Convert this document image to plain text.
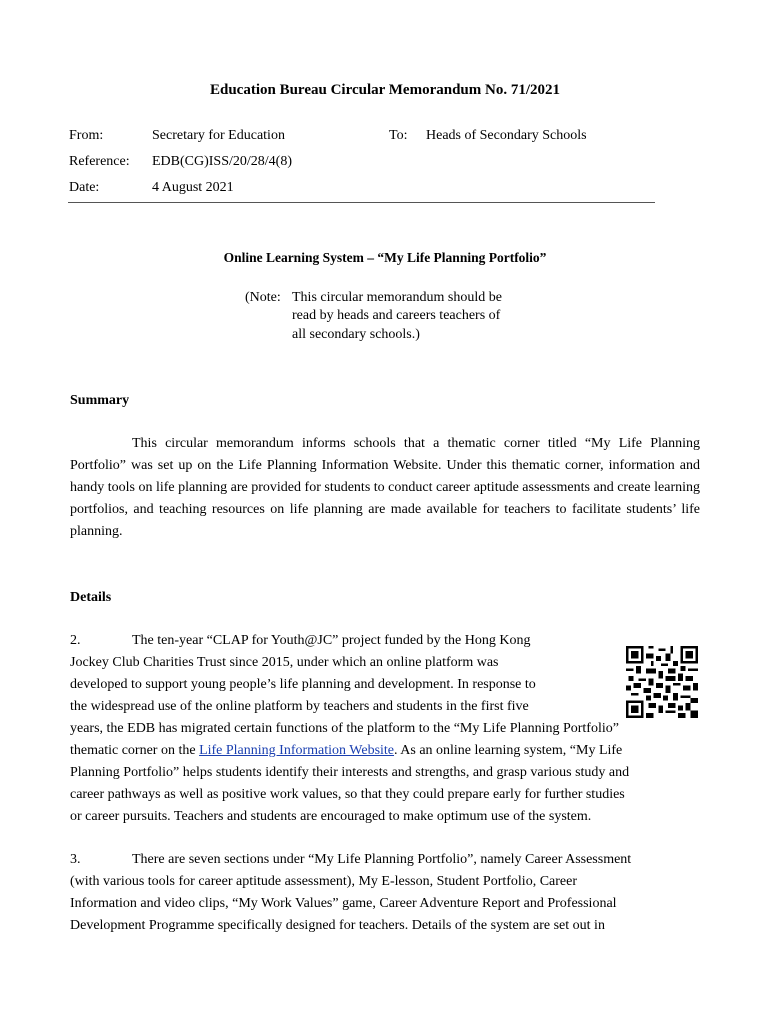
Education Bureau Circular Memorandum No. 71/2021
From:	Secretary for Education	To: Heads of Secondary Schools
Reference: EDB(CG)ISS/20/28/4(8)
Date:	4 August 2021
Online Learning System – “My Life Planning Portfolio”
(Note: This circular memorandum should be
read by heads and careers teachers of
all secondary schools.)
Summary
This circular memorandum informs schools that a thematic corner titled “My Life Planning Portfolio” was set up on the Life Planning Information Website. Under this thematic corner, information and handy tools on life planning are provided for students to conduct career aptitude assessments and create learning portfolios, and teaching resources on life planning are made available for teachers to facilitate students’ life planning.
Details
2.	The ten-year “CLAP for Youth@JC” project funded by the Hong Kong
Jockey Club Charities Trust since 2015, under which an online platform was
developed to support young people’s life planning and development. In response to
the widespread use of the online platform by teachers and students in the first five
years, the EDB has migrated certain functions of the platform to the “My Life Planning Portfolio”
thematic corner on the Life Planning Information Website. As an online learning system, “My Life
Planning Portfolio” helps students identify their interests and strengths, and grasp various study and
career pathways as well as positive work values, so that they could prepare early for further studies
or career pursuits. Teachers and students are encouraged to make optimum use of the system.
3.	There are seven sections under “My Life Planning Portfolio”, namely Career Assessment
(with various tools for career aptitude assessment), My E-lesson, Student Portfolio, Career
Information and video clips, “My Work Values” game, Career Adventure Report and Professional
Development Programme specifically designed for teachers. Details of the system are set out in
